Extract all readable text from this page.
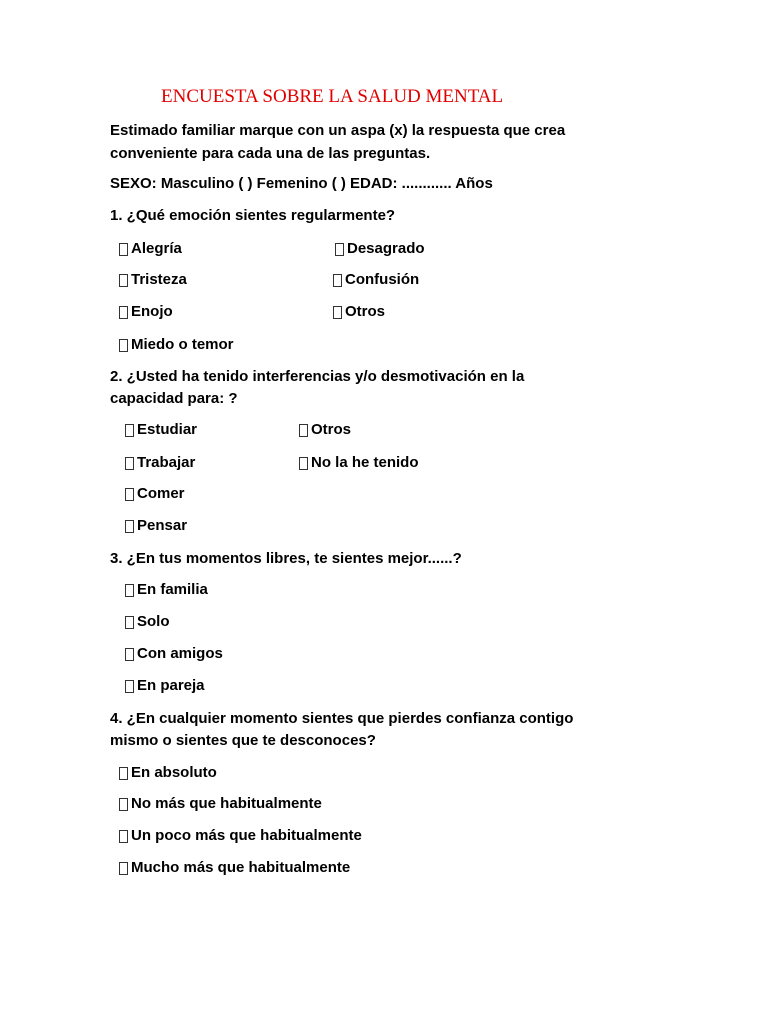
ENCUESTA SOBRE LA SALUD MENTAL
Estimado familiar marque con un aspa (x) la respuesta que crea
conveniente para cada una de las preguntas.
SEXO: Masculino ( ) Femenino ( ) EDAD: ............ Años
1. ¿Qué emoción sientes regularmente?
Alegría
Tristeza
Enojo
Miedo o temor
Desagrado
Confusión
Otros
2. ¿Usted ha tenido interferencias y/o desmotivación en la
capacidad para: ?
Estudiar
Trabajar
Comer
Pensar
Otros
No la he tenido
3. ¿En tus momentos libres, te sientes mejor......?
En familia
Solo
Con amigos
En pareja
4. ¿En cualquier momento sientes que pierdes confianza contigo
mismo o sientes que te desconoces?
En absoluto
No más que habitualmente
Un poco más que habitualmente
Mucho más que habitualmente
